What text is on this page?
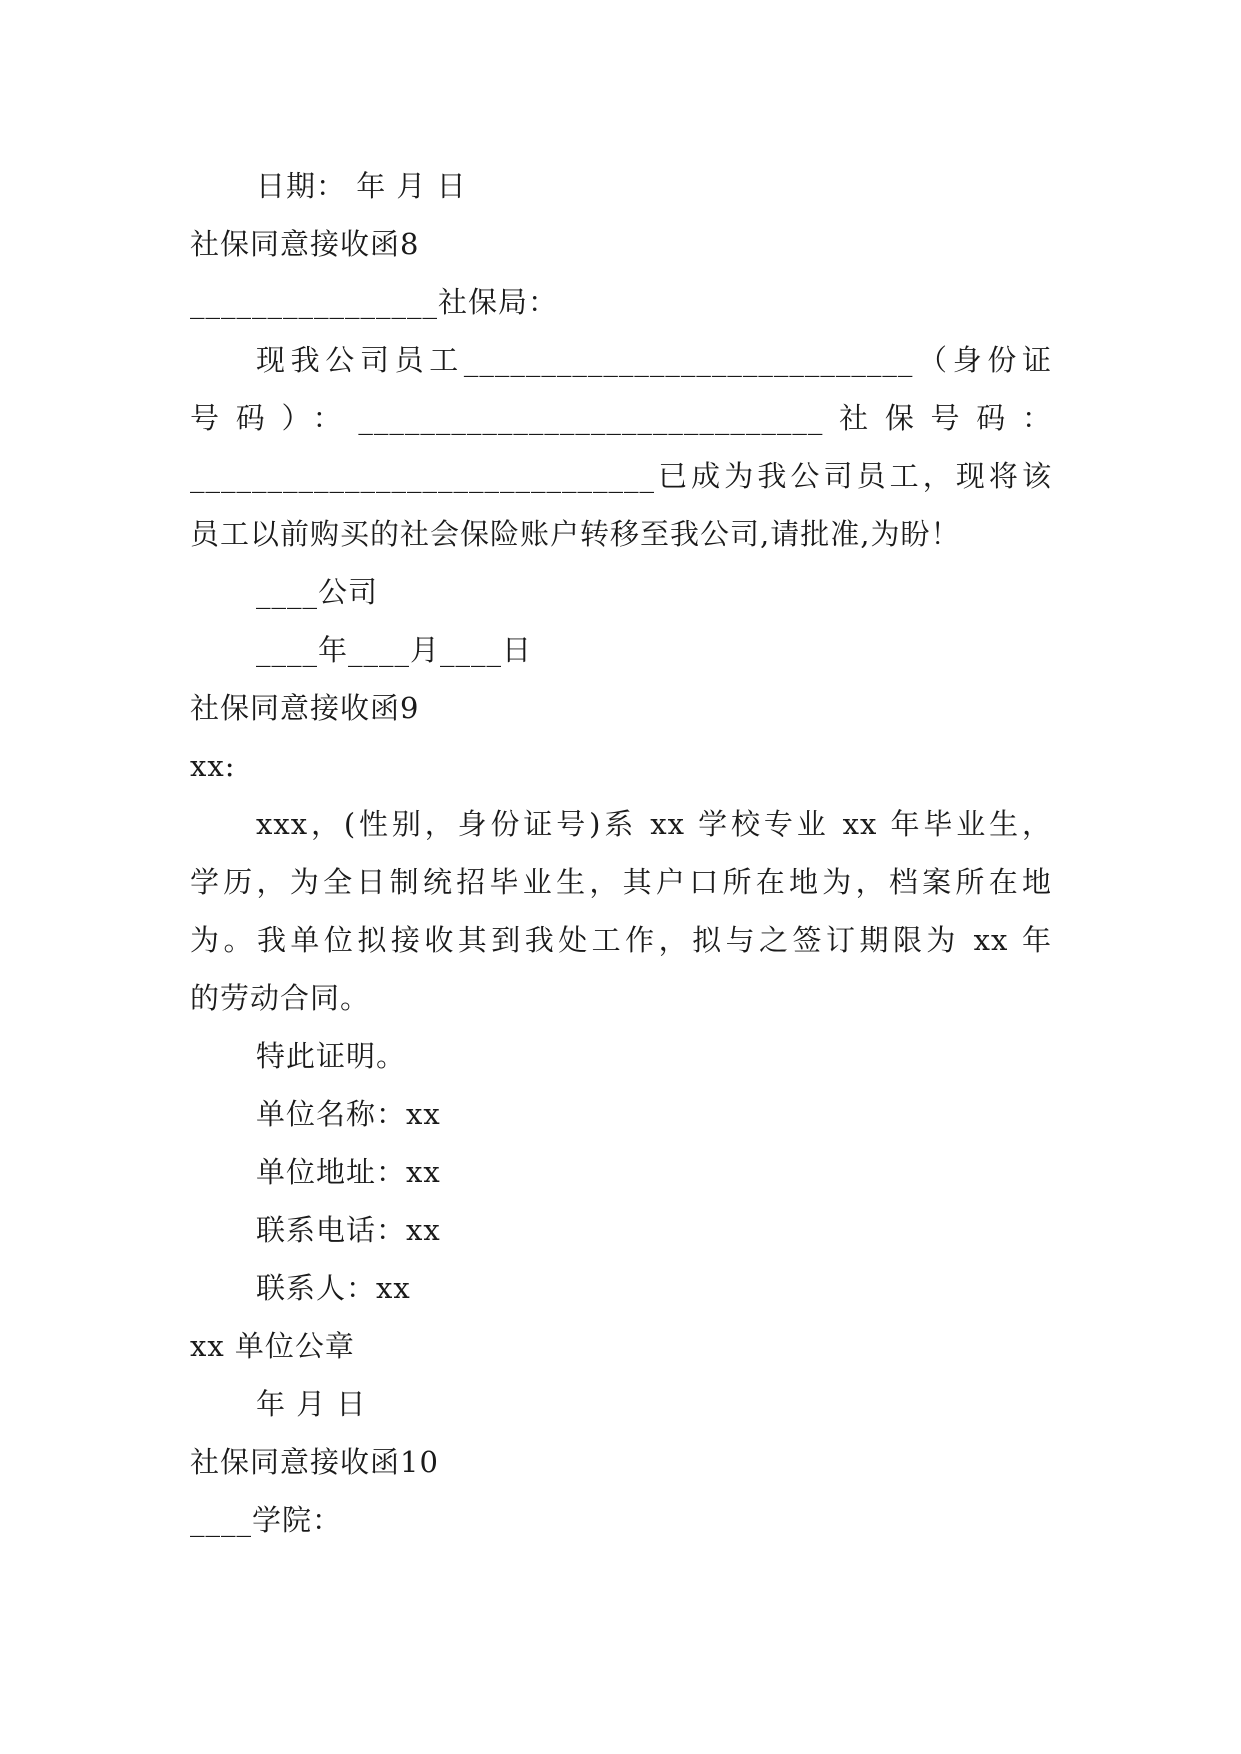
日期： 年 月 日
社保同意接收函8
________________社保局：
现我公司员工_____________________________（身份证
号码）：______________________________社保号码：
______________________________已成为我公司员工，现将该
员工以前购买的社会保险账户转移至我公司,请批准,为盼！
____公司
____年____月____日
社保同意接收函9
xx:
xxx，(性别，身份证号)系 xx 学校专业 xx 年毕业生，
学历，为全日制统招毕业生，其户口所在地为，档案所在地
为。我单位拟接收其到我处工作，拟与之签订期限为 xx 年
的劳动合同。
特此证明。
单位名称：xx
单位地址：xx
联系电话：xx
联系人：xx
xx 单位公章
年 月 日
社保同意接收函10
____学院：
